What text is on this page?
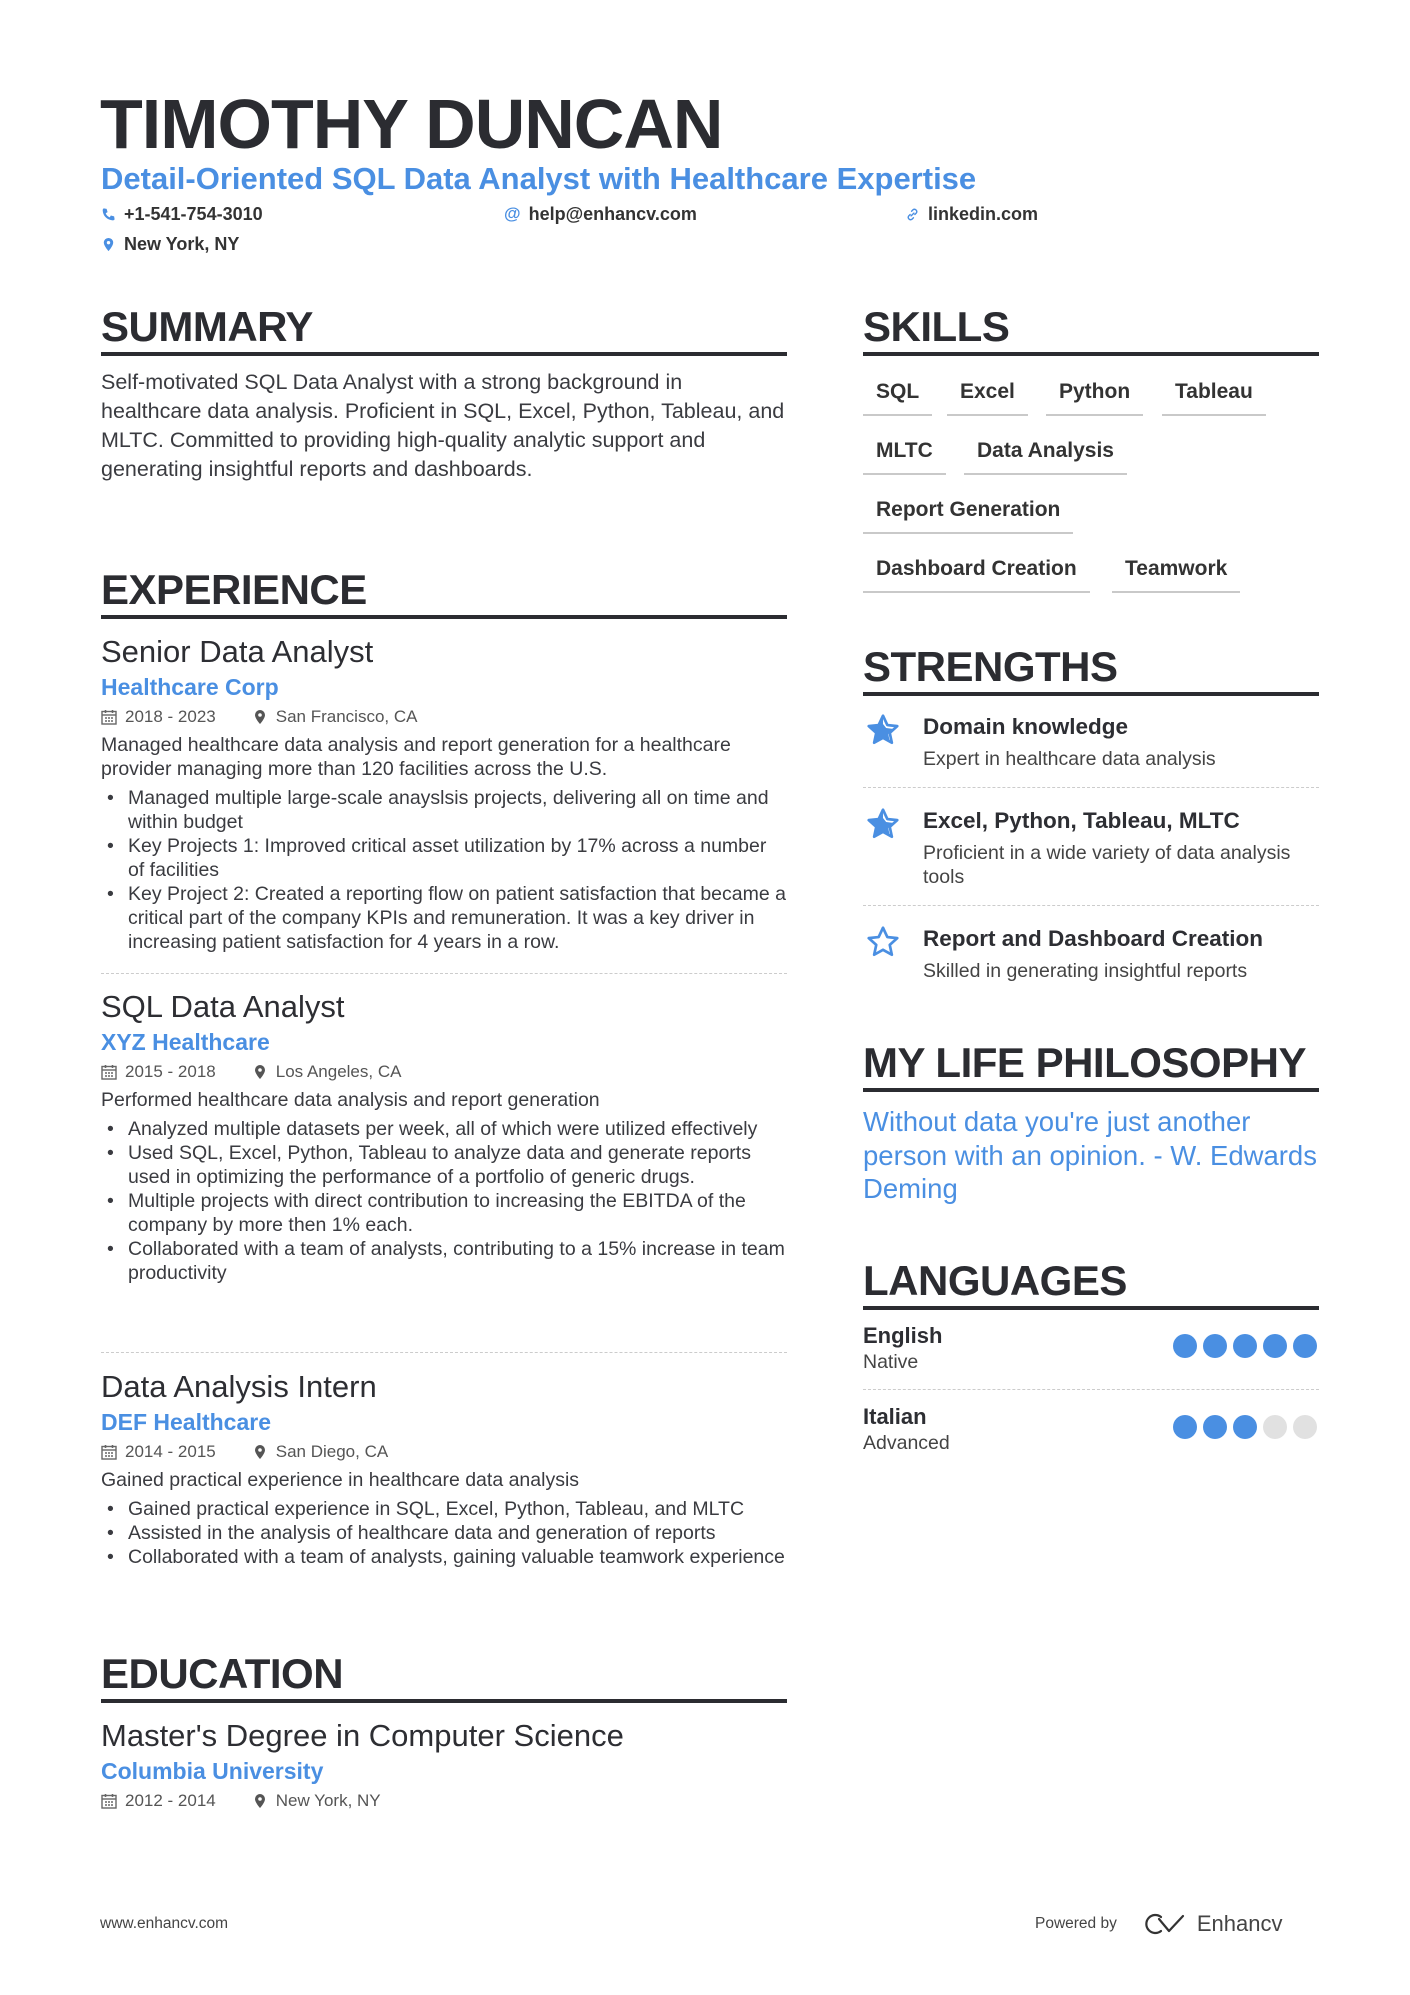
TIMOTHY DUNCAN
Detail-Oriented SQL Data Analyst with Healthcare Expertise
+1-541-754-3010	@ help@enhancv.com	linkedin.com
New York, NY
SUMMARY
Self-motivated SQL Data Analyst with a strong background in healthcare data analysis. Proficient in SQL, Excel, Python, Tableau, and MLTC. Committed to providing high-quality analytic support and generating insightful reports and dashboards.
EXPERIENCE
Senior Data Analyst
Healthcare Corp
2018 - 2023	San Francisco, CA
Managed healthcare data analysis and report generation for a healthcare provider managing more than 120 facilities across the U.S.
• Managed multiple large-scale anayslsis projects, delivering all on time and within budget
• Key Projects 1: Improved critical asset utilization by 17% across a number of facilities
• Key Project 2: Created a reporting flow on patient satisfaction that became a critical part of the company KPIs and remuneration. It was a key driver in increasing patient satisfaction for 4 years in a row.
SQL Data Analyst
XYZ Healthcare
2015 - 2018	Los Angeles, CA
Performed healthcare data analysis and report generation
• Analyzed multiple datasets per week, all of which were utilized effectively
• Used SQL, Excel, Python, Tableau to analyze data and generate reports used in optimizing the performance of a portfolio of generic drugs.
• Multiple projects with direct contribution to increasing the EBITDA of the company by more then 1% each.
• Collaborated with a team of analysts, contributing to a 15% increase in team productivity
Data Analysis Intern
DEF Healthcare
2014 - 2015	San Diego, CA
Gained practical experience in healthcare data analysis
• Gained practical experience in SQL, Excel, Python, Tableau, and MLTC
• Assisted in the analysis of healthcare data and generation of reports
• Collaborated with a team of analysts, gaining valuable teamwork experience
EDUCATION
Master's Degree in Computer Science
Columbia University
2012 - 2014	New York, NY
SKILLS
SQL	Excel	Python	Tableau
MLTC	Data Analysis
Report Generation
Dashboard Creation	Teamwork
STRENGTHS
Domain knowledge
Expert in healthcare data analysis
Excel, Python, Tableau, MLTC
Proficient in a wide variety of data analysis tools
Report and Dashboard Creation
Skilled in generating insightful reports
MY LIFE PHILOSOPHY
Without data you're just another person with an opinion. - W. Edwards Deming
LANGUAGES
English
Native
Italian
Advanced
www.enhancv.com	Powered by	Enhancv
